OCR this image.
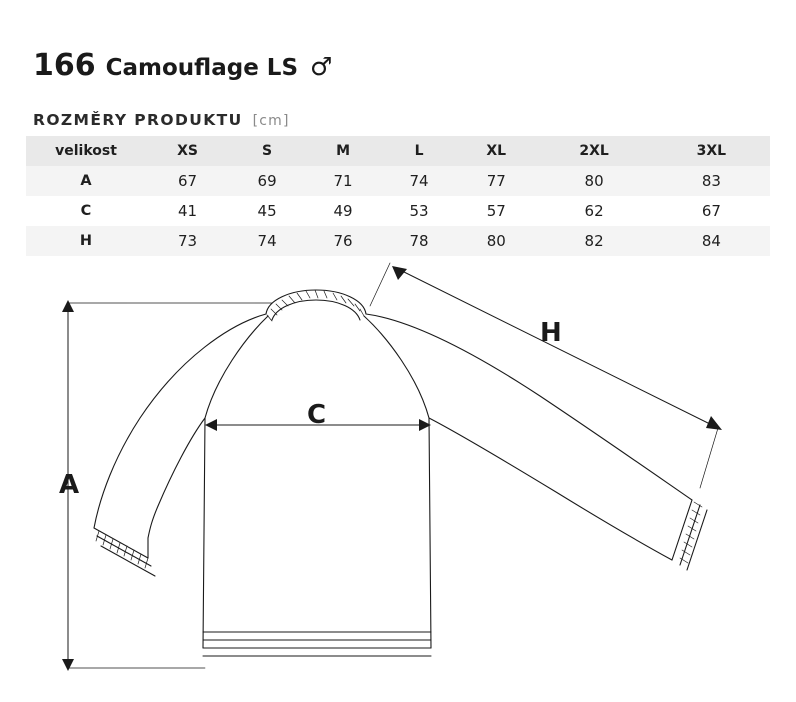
166 Camouflage LS ♂
ROZMĚRY PRODUKTU [cm]
velikost	XS	S	M	L	XL	2XL	3XL
A	67	69	71	74	77	80	83
C	41	45	49	53	57	62	67
H	73	74	76	78	80	82	84
A
C
H
